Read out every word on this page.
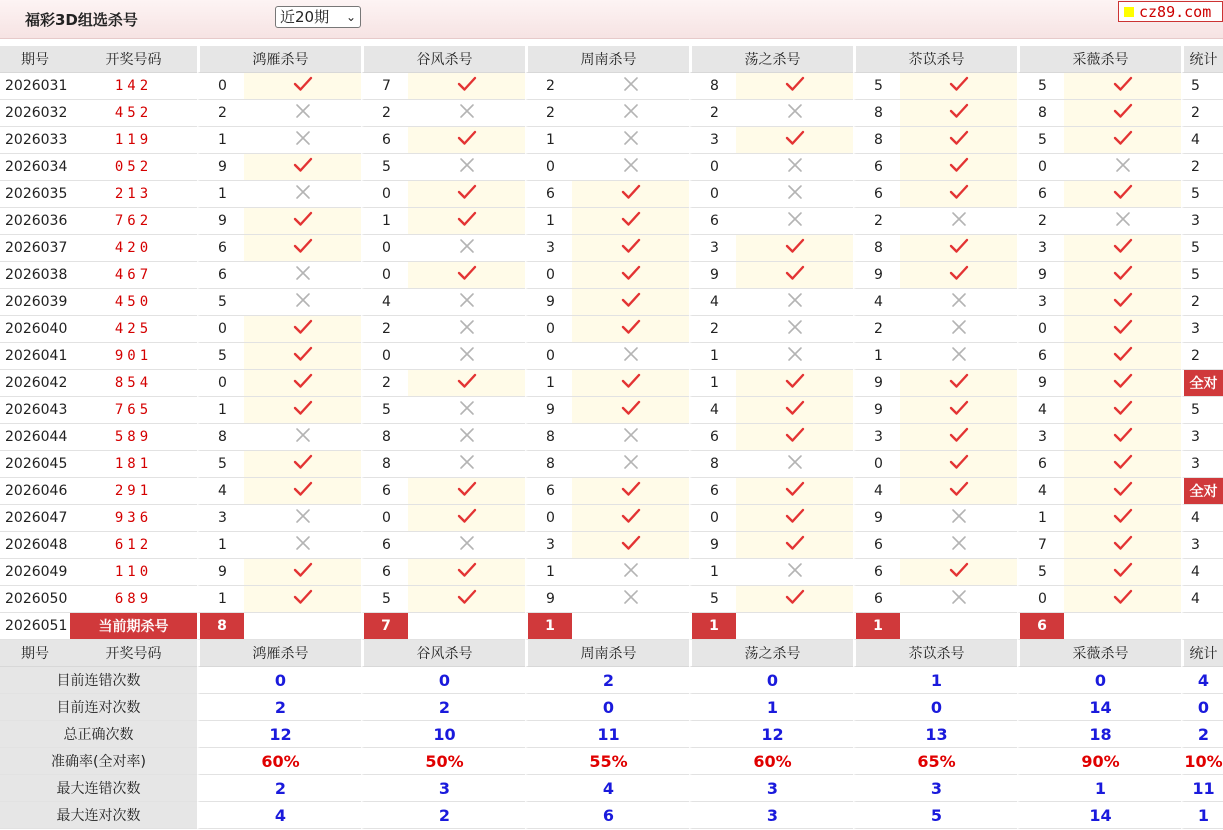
福彩3D组选杀号	近20期 ⌄	cz89.com
期号	开奖号码	鸿雁杀号		谷风杀号		周南杀号		荡之杀号		苶苡杀号		采薇杀号		统计
2026031	142	0		7		2		8		5		5		5
2026032	452	2		2		2		2		8		8		2
2026033	119	1		6		1		3		8		5		4
2026034	052	9		5		0		0		6		0		2
2026035	213	1		0		6		0		6		6		5
2026036	762	9		1		1		6		2		2		3
2026037	420	6		0		3		3		8		3		5
2026038	467	6		0		0		9		9		9		5
2026039	450	5		4		9		4		4		3		2
2026040	425	0		2		0		2		2		0		3
2026041	901	5		0		0		1		1		6		2
2026042	854	0		2		1		1		9		9		全对
2026043	765	1		5		9		4		9		4		5
2026044	589	8		8		8		6		3		3		3
2026045	181	5		8		8		8		0		6		3
2026046	291	4		6		6		6		4		4		全对
2026047	936	3		0		0		0		9		1		4
2026048	612	1		6		3		9		6		7		3
2026049	110	9		6		1		1		6		5		4
2026050	689	1		5		9		5		6		0		4
2026051	当前期杀号	8		7		1		1		1		6		
期号	开奖号码	鸿雁杀号		谷风杀号		周南杀号		荡之杀号		苶苡杀号		采薇杀号		统计
目前连错次数		0		0		2		0		1		0		4
目前连对次数		2		2		0		1		0		14		0
总正确次数		12		10		11		12		13		18		2
准确率(全对率)		60%		50%		55%		60%		65%		90%		10%
最大连错次数		2		3		4		3		3		1		11
最大连对次数		4		2		6		3		5		14		1
